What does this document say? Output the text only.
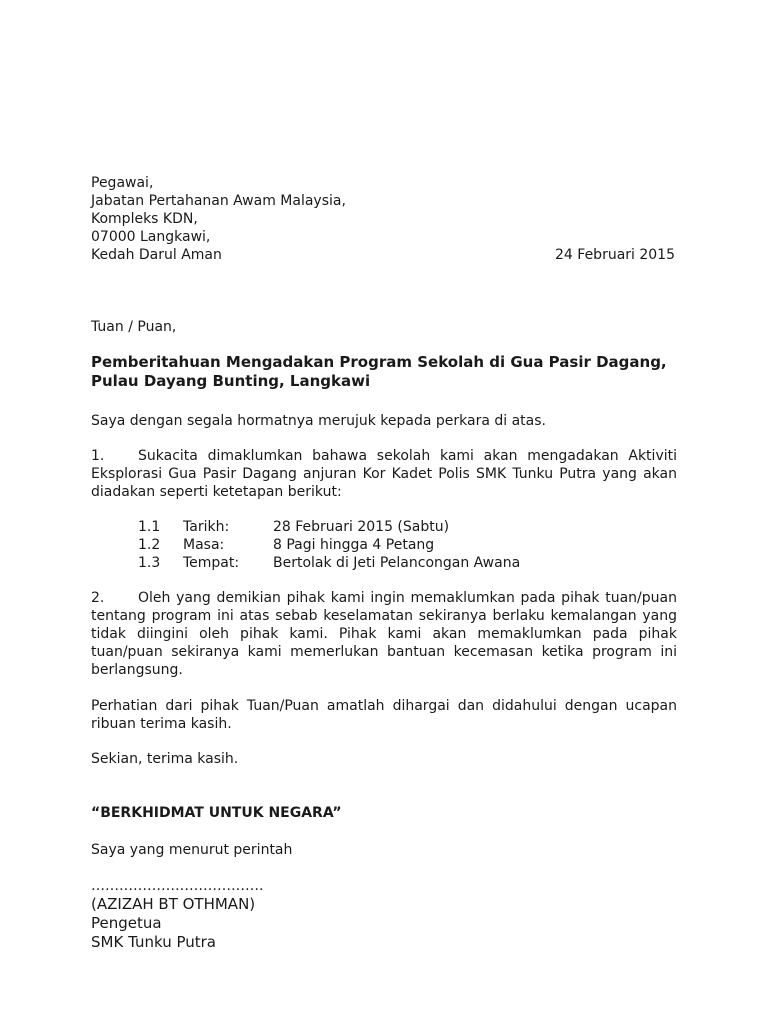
Pegawai,
Jabatan Pertahanan Awam Malaysia,
Kompleks KDN,
07000 Langkawi,
Kedah Darul Aman	24 Februari 2015
Tuan / Puan,
Pemberitahuan Mengadakan Program Sekolah di Gua Pasir Dagang, Pulau Dayang Bunting, Langkawi
Saya dengan segala hormatnya merujuk kepada perkara di atas.
1. Sukacita dimaklumkan bahawa sekolah kami akan mengadakan Aktiviti Eksplorasi Gua Pasir Dagang anjuran Kor Kadet Polis SMK Tunku Putra yang akan diadakan seperti ketetapan berikut:
1.1 Tarikh:	28 Februari 2015 (Sabtu)
1.2 Masa:	8 Pagi hingga 4 Petang
1.3 Tempat: Bertolak di Jeti Pelancongan Awana
2. Oleh yang demikian pihak kami ingin memaklumkan pada pihak tuan/puan tentang program ini atas sebab keselamatan sekiranya berlaku kemalangan yang tidak diingini oleh pihak kami. Pihak kami akan memaklumkan pada pihak tuan/puan sekiranya kami memerlukan bantuan kecemasan ketika program ini berlangsung.
Perhatian dari pihak Tuan/Puan amatlah dihargai dan didahului dengan ucapan ribuan terima kasih.
Sekian, terima kasih.
“BERKHIDMAT UNTUK NEGARA”
Saya yang menurut perintah
……………………………….
(AZIZAH BT OTHMAN)
Pengetua
SMK Tunku Putra
